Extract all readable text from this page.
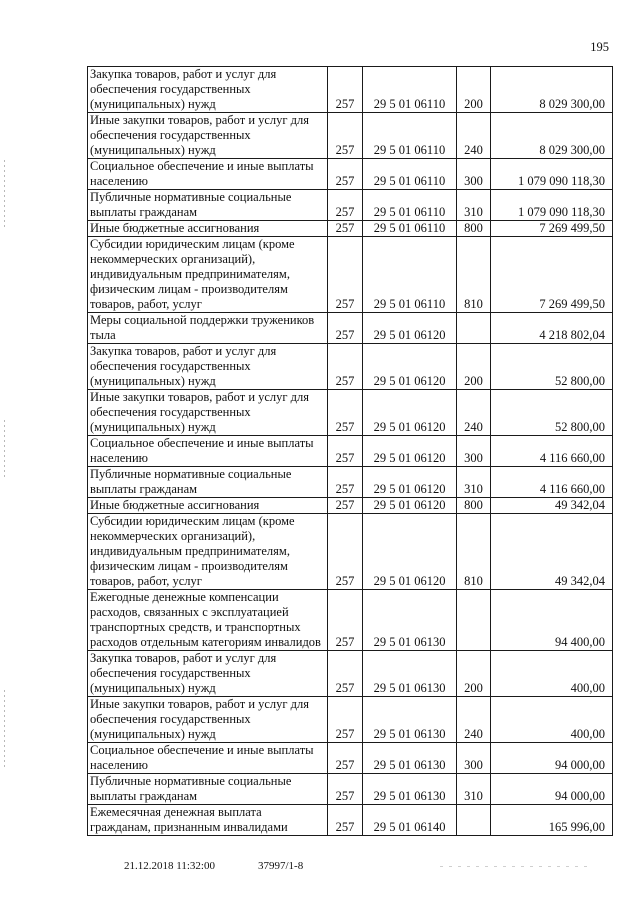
195
Закупка товаров, работ и услуг для обеспечения государственных (муниципальных) нужд	257	29 5 01 06110	200	8 029 300,00
Иные закупки товаров, работ и услуг для обеспечения государственных (муниципальных) нужд	257	29 5 01 06110	240	8 029 300,00
Социальное обеспечение и иные выплаты населению	257	29 5 01 06110	300	1 079 090 118,30
Публичные нормативные социальные выплаты гражданам	257	29 5 01 06110	310	1 079 090 118,30
Иные бюджетные ассигнования	257	29 5 01 06110	800	7 269 499,50
Субсидии юридическим лицам (кроме некоммерческих организаций), индивидуальным предпринимателям, физическим лицам - производителям товаров, работ, услуг	257	29 5 01 06110	810	7 269 499,50
Меры социальной поддержки тружеников тыла	257	29 5 01 06120		4 218 802,04
Закупка товаров, работ и услуг для обеспечения государственных (муниципальных) нужд	257	29 5 01 06120	200	52 800,00
Иные закупки товаров, работ и услуг для обеспечения государственных (муниципальных) нужд	257	29 5 01 06120	240	52 800,00
Социальное обеспечение и иные выплаты населению	257	29 5 01 06120	300	4 116 660,00
Публичные нормативные социальные выплаты гражданам	257	29 5 01 06120	310	4 116 660,00
Иные бюджетные ассигнования	257	29 5 01 06120	800	49 342,04
Субсидии юридическим лицам (кроме некоммерческих организаций), индивидуальным предпринимателям, физическим лицам - производителям товаров, работ, услуг	257	29 5 01 06120	810	49 342,04
Ежегодные денежные компенсации расходов, связанных с эксплуатацией транспортных средств, и транспортных расходов отдельным категориям инвалидов	257	29 5 01 06130		94 400,00
Закупка товаров, работ и услуг для обеспечения государственных (муниципальных) нужд	257	29 5 01 06130	200	400,00
Иные закупки товаров, работ и услуг для обеспечения государственных (муниципальных) нужд	257	29 5 01 06130	240	400,00
Социальное обеспечение и иные выплаты населению	257	29 5 01 06130	300	94 000,00
Публичные нормативные социальные выплаты гражданам	257	29 5 01 06130	310	94 000,00
Ежемесячная денежная выплата гражданам, признанным инвалидами	257	29 5 01 06140		165 996,00
21.12.2018 11:32:00	37997/1-8
